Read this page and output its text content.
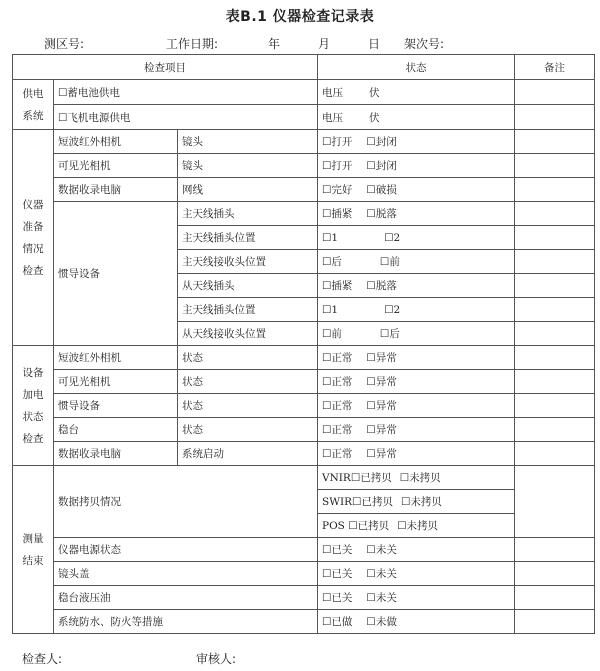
表B.1 仪器检查记录表
测区号:	工作日期:	年	月	日 架次号:
检查项目			状态	备注

供电
系统	☐蓄电池供电		电压 伏	
	☐飞机电源供电		电压 伏	

仪器
准备
情况
检查	短波红外相机	镜头	☐打开 ☐封闭	
	可见光相机	镜头	☐打开 ☐封闭	
	数据收录电脑	网线	☐完好 ☐破损	
	惯导设备	主天线插头	☐插紧 ☐脱落	
		主天线插头位置	☐1 ☐2	
		主天线接收头位置	☐后 ☐前	
		从天线插头	☐插紧 ☐脱落	
		主天线插头位置	☐1 ☐2	
		从天线接收头位置	☐前 ☐后	

设备
加电
状态
检查	短波红外相机	状态	☐正常 ☐异常	
	可见光相机	状态	☐正常 ☐异常	
	惯导设备	状态	☐正常 ☐异常	
	稳台	状态	☐正常 ☐异常	
	数据收录电脑	系统启动	☐正常 ☐异常	

测量
结束	数据拷贝情况		VNIR☐已拷贝 ☐未拷贝	
			SWIR☐已拷贝 ☐未拷贝	
			POS ☐已拷贝 ☐未拷贝	
	仪器电源状态		☐已关 ☐未关	
	镜头盖		☐已关 ☐未关	
	稳台液压油		☐已关 ☐未关	
	系统防水、防火等措施		☐已做 ☐未做	
检查人:	审核人:
